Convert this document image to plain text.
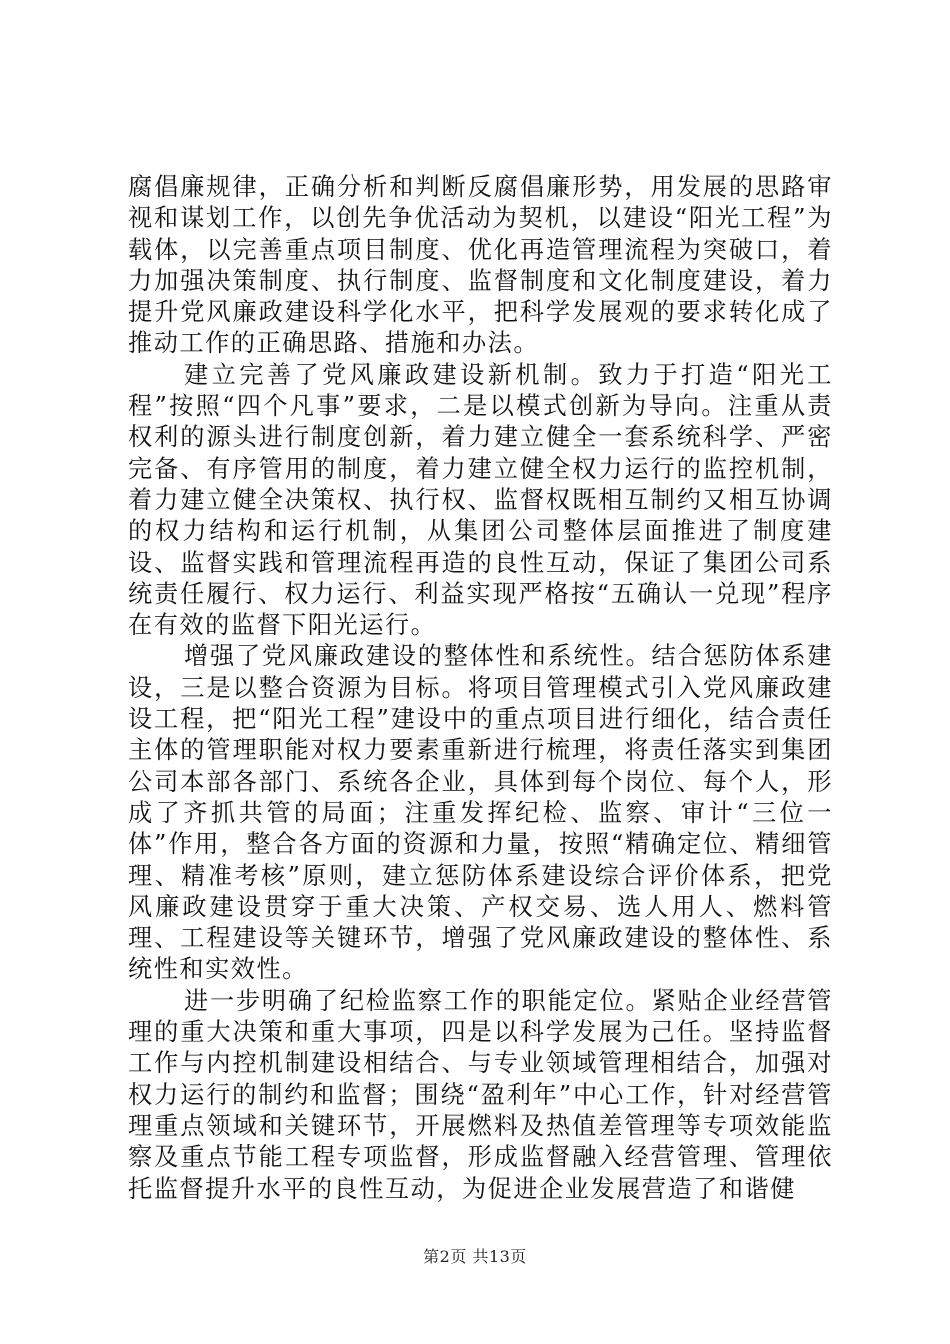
腐倡廉规律，正确分析和判断反腐倡廉形势，用发展的思路审视和谋划工作，以创先争优活动为契机，以建设“阳光工程”为载体，以完善重点项目制度、优化再造管理流程为突破口，着力加强决策制度、执行制度、监督制度和文化制度建设，着力提升党风廉政建设科学化水平，把科学发展观的要求转化成了推动工作的正确思路、措施和办法。

建立完善了党风廉政建设新机制。致力于打造“阳光工程”按照“四个凡事”要求，二是以模式创新为导向。注重从责权利的源头进行制度创新，着力建立健全一套系统科学、严密完备、有序管用的制度，着力建立健全权力运行的监控机制，着力建立健全决策权、执行权、监督权既相互制约又相互协调的权力结构和运行机制，从集团公司整体层面推进了制度建设、监督实践和管理流程再造的良性互动，保证了集团公司系统责任履行、权力运行、利益实现严格按“五确认一兑现”程序在有效的监督下阳光运行。

增强了党风廉政建设的整体性和系统性。结合惩防体系建设，三是以整合资源为目标。将项目管理模式引入党风廉政建设工程，把“阳光工程”建设中的重点项目进行细化，结合责任主体的管理职能对权力要素重新进行梳理，将责任落实到集团公司本部各部门、系统各企业，具体到每个岗位、每个人，形成了齐抓共管的局面；注重发挥纪检、监察、审计“三位一体”作用，整合各方面的资源和力量，按照“精确定位、精细管理、精准考核”原则，建立惩防体系建设综合评价体系，把党风廉政建设贯穿于重大决策、产权交易、选人用人、燃料管理、工程建设等关键环节，增强了党风廉政建设的整体性、系统性和实效性。

进一步明确了纪检监察工作的职能定位。紧贴企业经营管理的重大决策和重大事项，四是以科学发展为己任。坚持监督工作与内控机制建设相结合、与专业领域管理相结合，加强对权力运行的制约和监督；围绕“盈利年”中心工作，针对经营管理重点领域和关键环节，开展燃料及热值差管理等专项效能监察及重点节能工程专项监督，形成监督融入经营管理、管理依托监督提升水平的良性互动，为促进企业发展营造了和谐健

第2页 共13页
